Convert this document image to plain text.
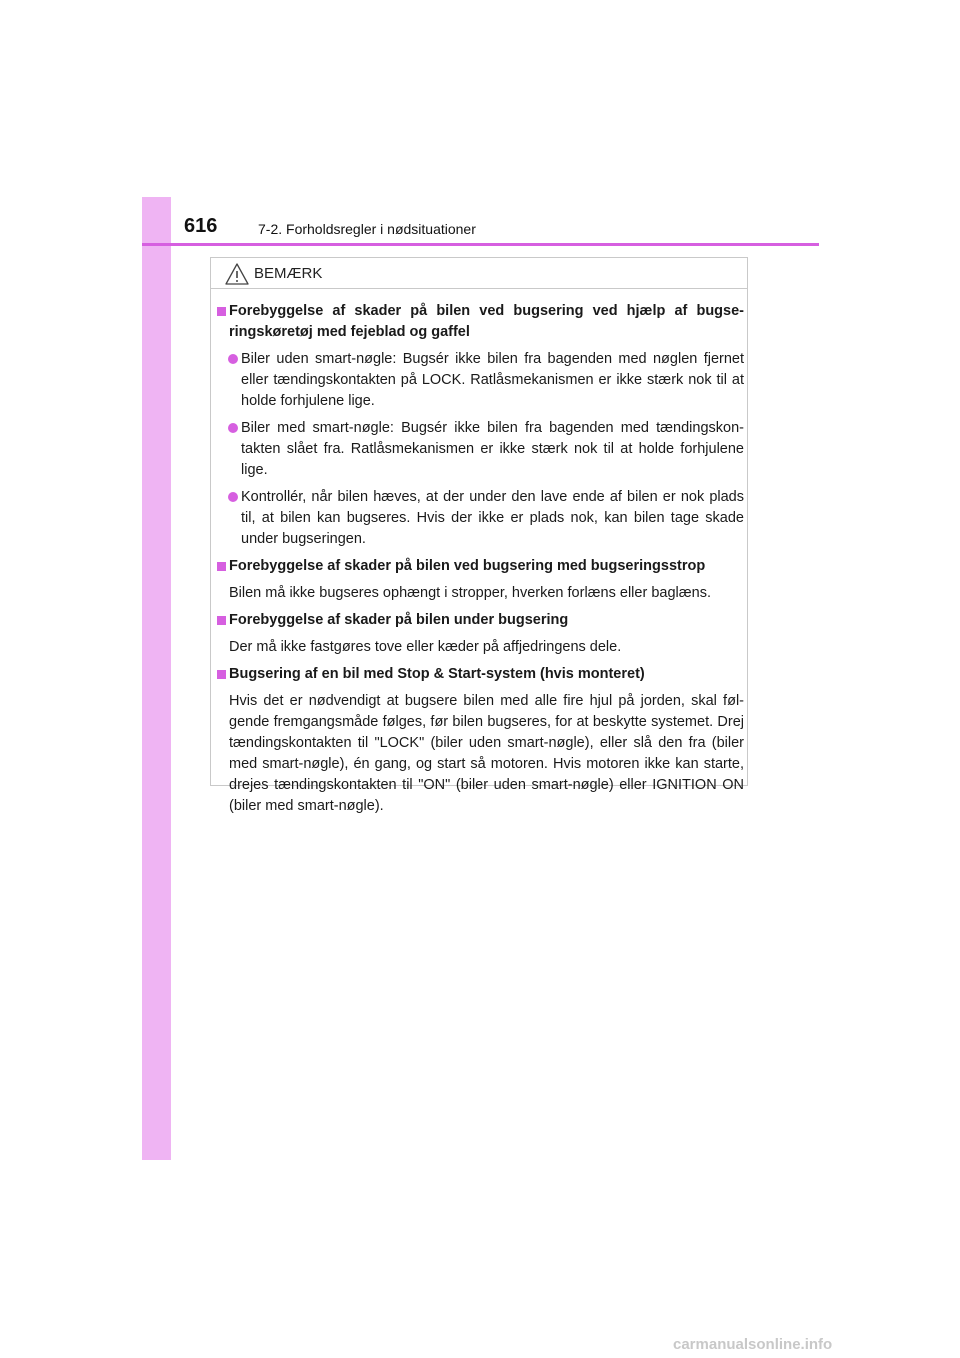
616	7-2. Forholdsregler i nødsituationer
BEMÆRK
Forebyggelse af skader på bilen ved bugsering ved hjælp af bugse-ringskøretøj med fejeblad og gaffel
Biler uden smart-nøgle: Bugsér ikke bilen fra bagenden med nøglen fjernet eller tændingskontakten på LOCK. Ratlåsmekanismen er ikke stærk nok til at holde forhjulene lige.
Biler med smart-nøgle: Bugsér ikke bilen fra bagenden med tændingskon-takten slået fra. Ratlåsmekanismen er ikke stærk nok til at holde forhjulene lige.
Kontrollér, når bilen hæves, at der under den lave ende af bilen er nok plads til, at bilen kan bugseres. Hvis der ikke er plads nok, kan bilen tage skade under bugseringen.
Forebyggelse af skader på bilen ved bugsering med bugseringsstrop
Bilen må ikke bugseres ophængt i stropper, hverken forlæns eller baglæns.
Forebyggelse af skader på bilen under bugsering
Der må ikke fastgøres tove eller kæder på affjedringens dele.
Bugsering af en bil med Stop & Start-system (hvis monteret)
Hvis det er nødvendigt at bugsere bilen med alle fire hjul på jorden, skal føl-gende fremgangsmåde følges, før bilen bugseres, for at beskytte systemet. Drej tændingskontakten til "LOCK" (biler uden smart-nøgle), eller slå den fra (biler med smart-nøgle), én gang, og start så motoren. Hvis motoren ikke kan starte, drejes tændingskontakten til "ON" (biler uden smart-nøgle) eller IGNITION ON (biler med smart-nøgle).
carmanualsonline.info
